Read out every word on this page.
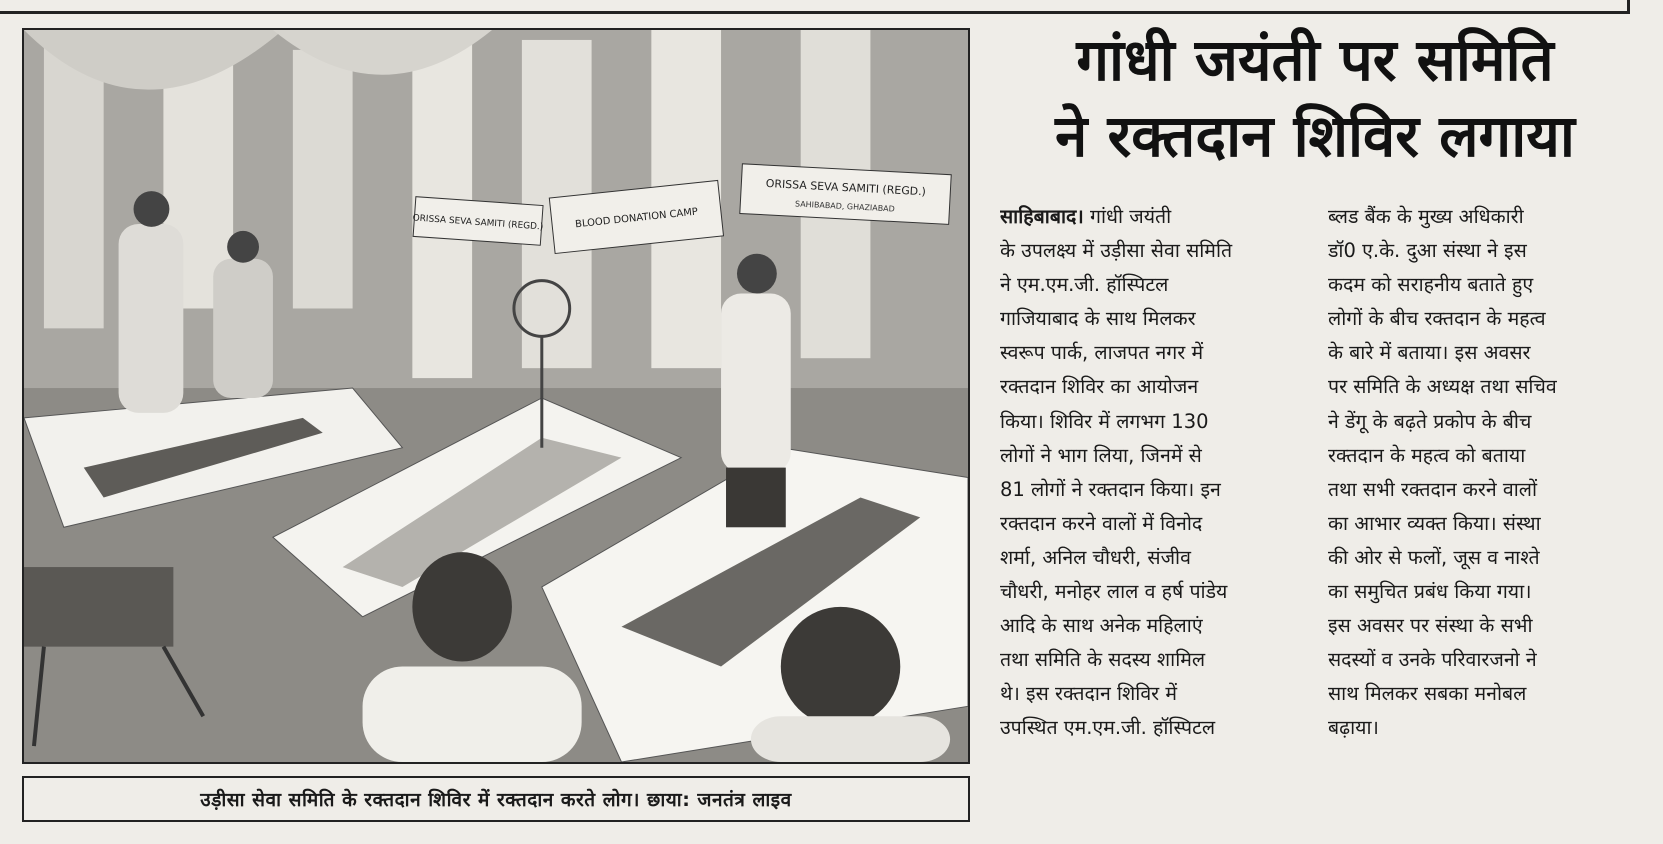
ORISSA SEVA SAMITI (REGD.)	BLOOD DONATION CAMP
ORISSA SEVA SAMITI (REGD.)
SAHIBABAD, GHAZIABAD
उड़ीसा सेवा समिति के रक्तदान शिविर में रक्तदान करते लोग। छाया: जनतंत्र लाइव
गांधी जयंती पर समिति
ने रक्तदान शिविर लगाया
साहिबाबाद। गांधी जयंती
के उपलक्ष्य में उड़ीसा सेवा समिति
ने एम.एम.जी. हॉस्पिटल
गाजियाबाद के साथ मिलकर
स्वरूप पार्क, लाजपत नगर में
रक्तदान शिविर का आयोजन
किया। शिविर में लगभग 130
लोगों ने भाग लिया, जिनमें से
81 लोगों ने रक्तदान किया। इन
रक्तदान करने वालों में विनोद
शर्मा, अनिल चौधरी, संजीव
चौधरी, मनोहर लाल व हर्ष पांडेय
आदि के साथ अनेक महिलाएं
तथा समिति के सदस्य शामिल
थे। इस रक्तदान शिविर में
उपस्थित एम.एम.जी. हॉस्पिटल
ब्लड बैंक के मुख्य अधिकारी
डॉ0 ए.के. दुआ संस्था ने इस
कदम को सराहनीय बताते हुए
लोगों के बीच रक्तदान के महत्व
के बारे में बताया। इस अवसर
पर समिति के अध्यक्ष तथा सचिव
ने डेंगू के बढ़ते प्रकोप के बीच
रक्तदान के महत्व को बताया
तथा सभी रक्तदान करने वालों
का आभार व्यक्त किया। संस्था
की ओर से फलों, जूस व नाश्ते
का समुचित प्रबंध किया गया।
इस अवसर पर संस्था के सभी
सदस्यों व उनके परिवारजनो ने
साथ मिलकर सबका मनोबल
बढ़ाया।
